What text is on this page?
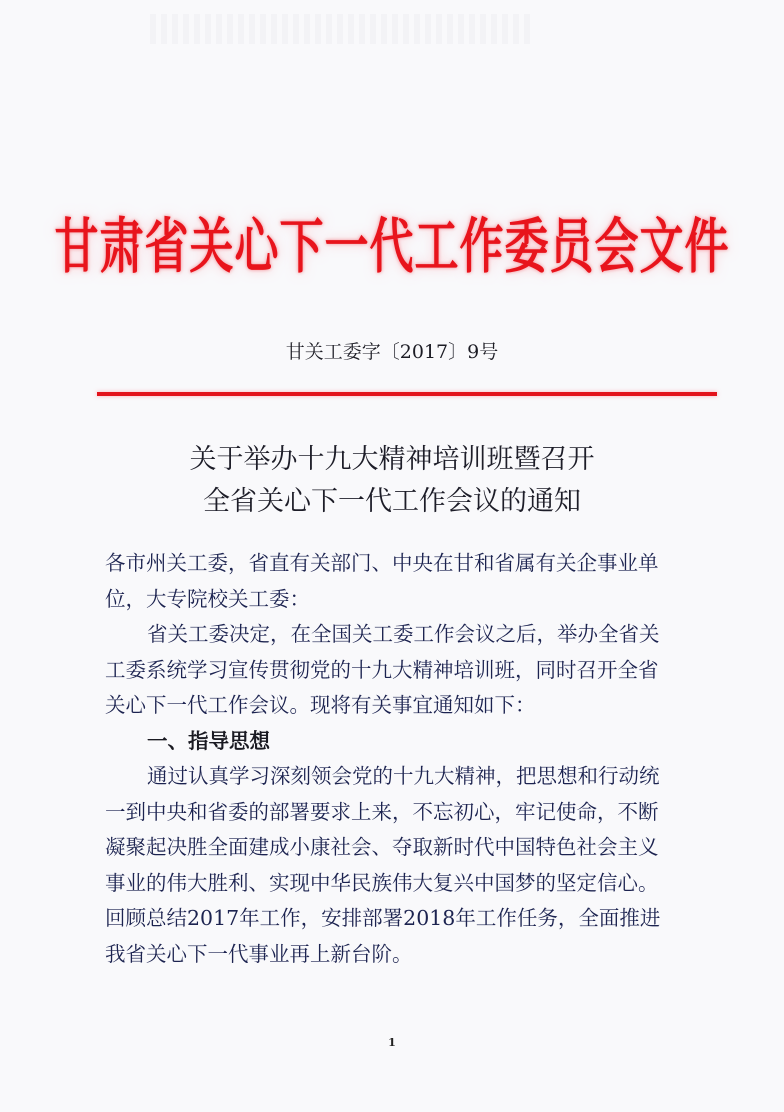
甘肃省关心下一代工作委员会文件
甘关工委字〔2017〕9号
关于举办十九大精神培训班暨召开
全省关心下一代工作会议的通知
各市州关工委，省直有关部门、中央在甘和省属有关企事业单
位，大专院校关工委：
省关工委决定，在全国关工委工作会议之后，举办全省关
工委系统学习宣传贯彻党的十九大精神培训班，同时召开全省
关心下一代工作会议。现将有关事宜通知如下：
一、指导思想
通过认真学习深刻领会党的十九大精神，把思想和行动统
一到中央和省委的部署要求上来，不忘初心，牢记使命，不断
凝聚起决胜全面建成小康社会、夺取新时代中国特色社会主义
事业的伟大胜利、实现中华民族伟大复兴中国梦的坚定信心。
回顾总结2017年工作，安排部署2018年工作任务，全面推进
我省关心下一代事业再上新台阶。
1
